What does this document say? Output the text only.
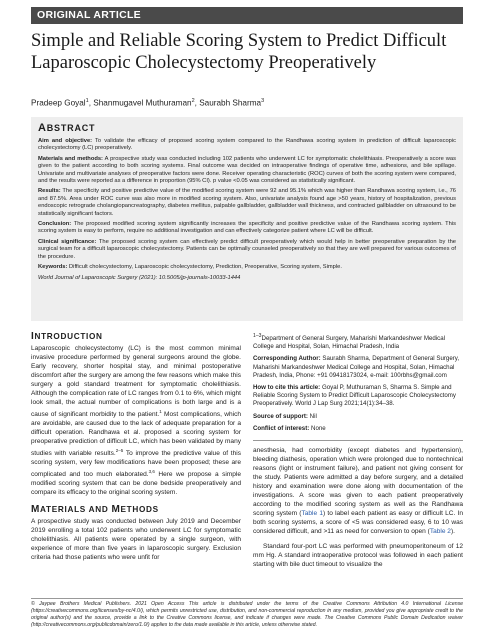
ORIGINAL ARTICLE
Simple and Reliable Scoring System to Predict Difficult Laparoscopic Cholecystectomy Preoperatively
Pradeep Goyal$^1$, Shanmugavel Muthuraman$^2$, Saurabh Sharma$^3$
ABSTRACT

Aim and objective: To validate the efficacy of proposed scoring system compared to the Randhawa scoring system in prediction of difficult laparoscopic cholecystectomy (LC) preoperatively.

Materials and methods: A prospective study was conducted including 102 patients who underwent LC for symptomatic cholelithiasis. Preoperatively a score was given to the patient according to both scoring systems. Final outcome was decided on intraoperative findings of operative time, adhesions, and bile spillage. Univariate and multivariate analyses of preoperative factors were done. Receiver operating characteristic (ROC) curves of both the scoring system were compared, and the results were reported as a difference in proportion (95% CI). p value <0.05 was considered as statistically significant.

Results: The specificity and positive predictive value of the modified scoring system were 92 and 95.1% which was higher than Randhawa scoring system, i.e., 76 and 87.5%. Area under ROC curve was also more in modified scoring system. Also, univariate analysis found age >50 years, history of hospitalization, previous endoscopic retrograde cholangiopancreatography, diabetes mellitus, palpable gallbladder, gallbladder wall thickness, and contracted gallbladder on ultrasound to be statistically significant factors.

Conclusion: The proposed modified scoring system significantly increases the specificity and positive predictive value of the Randhawa scoring system. This scoring system is easy to perform, require no additional investigation and can effectively categorize patient where LC will be difficult.

Clinical significance: The proposed scoring system can effectively predict difficult preoperatively which would help in better preoperative preparation by the surgical team for a difficult laparoscopic cholecystectomy. Patients can be optimally counseled preoperatively so that they are well prepared for various outcomes of the procedure.

Keywords: Difficult cholecystectomy, Laparoscopic cholecystectomy, Prediction, Preoperative, Scoring system, Simple.

World Journal of Laparoscopic Surgery (2021): 10.5005/jp-journals-10033-1444

INTRODUCTION

Laparoscopic cholecystectomy (LC) is the most common minimal invasive procedure performed by general surgeons around the globe. Early recovery, shorter hospital stay, and minimal postoperative discomfort after the surgery are among the few reasons which make this surgery a gold standard treatment for symptomatic cholelithiasis. Although the complication rate of LC ranges from 0.1 to 6%, which might look small, the actual number of complications is both large and is a cause of significant morbidity to the patient.$^1$ Most complications, which are avoidable, are caused due to the lack of adequate preparation for a difficult operation. Randhawa et al. proposed a scoring system for preoperative prediction of difficult LC, which has been validated by many studies with variable results.$^{2-5}$ To improve the predictive value of this scoring system, very few modifications have been proposed; these are complicated and too much elaborated.$^{3,6}$ Here we propose a simple modified scoring system that can be done bedside preoperatively and compare its efficacy to the original scoring system.

MATERIALS AND METHODS

A prospective study was conducted between July 2019 and December 2019 enrolling a total 102 patients who underwent LC for symptomatic cholelithiasis. All patients were operated by a single surgeon, with experience of more than five years in laparoscopic surgery. Exclusion criteria had those patients who were unfit for

$^{1-3}$Department of General Surgery, Maharishi Markandeshwer Medical College and Hospital, Solan, Himachal Pradesh, India

Corresponding Author: Saurabh Sharma, Department of General Surgery, Maharishi Markandeshwer Medical College and Hospital, Solan, Himachal Pradesh, India, Phone: +91 09418173024, e-mail: 100rbhs@gmail.com

How to cite this article: Goyal P, Muthuraman S, Sharma S. Simple and Reliable Scoring System to Predict Difficult Laparoscopic Cholecystectomy Preoperatively. World J Lap Surg 2021;14(1):34–38.

Source of support: Nil

Conflict of interest: None

anesthesia, had comorbidity (except diabetes and hypertension), bleeding diathesis, operation which were prolonged due to nontechnical reasons (light or instrument failure), and patient not giving consent for the study. Patients were admitted a day before surgery, and a detailed history and examination were done along with documentation of the investigations. A score was given to each patient preoperatively according to the modified scoring system as well as the Randhawa scoring system (Table 1) to label each patient as easy or difficult LC. In both scoring systems, a score of <5 was considered easy, 6 to 10 was considered difficult, and >11 as need for conversion to open (Table 2).

Standard four-port LC was performed with pneumoperitoneum of 12 mm Hg. A standard intraoperative protocol was followed in each patient starting with bile duct timeout to visualize the

© Jaypee Brothers Medical Publishers. 2021 Open Access This article is distributed under the terms of the Creative Commons Attribution 4.0 International License (https://creativecommons.org/licenses/by-nc/4.0/), which permits unrestricted use, distribution, and non-commercial reproduction in any medium, provided you give appropriate credit to the original author(s) and the source, provide a link to the Creative Commons license, and indicate if changes were made. The Creative Commons Public Domain Dedication waiver (http://creativecommons.org/publicdomain/zero/1.0/) applies to the data made available in this article, unless otherwise stated.
